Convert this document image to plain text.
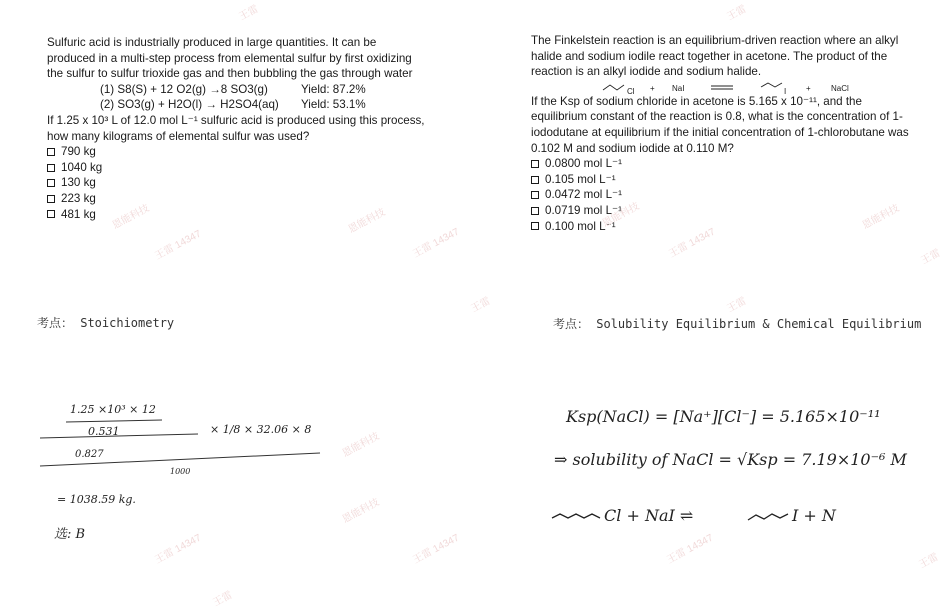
Sulfuric acid is industrially produced in large quantities. It can be produced in a multi-step process from elemental sulfur by first oxidizing the sulfur to sulfur trioxide gas and then bubbling the gas through water

(1) S8(S) + 12 O2(g) →8 SO3(g)	Yield: 87.2%
(2) SO3(g) + H2O(l) → H2SO4(aq)	Yield: 53.1%

If 1.25 x 10³ L of 12.0 mol L⁻¹ sulfuric acid is produced using this process, how many kilograms of elemental sulfur was used?

790 kg
1040 kg
130 kg
223 kg
481 kg

The Finkelstein reaction is an equilibrium-driven reaction where an alkyl halide and sodium iodile react together in acetone. The product of the reaction is an alkyl iodide and sodium halide.

Cl + NaI	I +	NaCl

If the Ksp of sodium chloride in acetone is 5.165 x 10⁻¹¹, and the equilibrium constant of the reaction is 0.8, what is the concentration of 1-iododutane at equilibrium if the initial concentration of 1-chlorobutane was 0.102 M and sodium iodide at 0.110 M?

0.0800 mol L⁻¹
0.105 mol L⁻¹
0.0472 mol L⁻¹
0.0719 mol L⁻¹
0.100 mol L⁻¹
考点： Stoichiometry	考点： Solubility Equilibrium & Chemical Equilibrium
1.25 ×10³ × 12
0.531	× 1/8 × 32.06 × 8
0.827
1000
= 1038.59 kg.
选: B
Ksp(NaCl) = [Na⁺][Cl⁻] = 5.165×10⁻¹¹
⇒ solubility of NaCl = √Ksp = 7.19×10⁻⁶ M
Cl + NaI ⇌	I + N
王雷	王雷
王雷 14347
恩能科技	恩能科技
王雷 14347
恩能科技
王雷 14347
恩能科技
王雷
王雷	王雷
恩能科技
恩能科技
王雷 14347	王雷 14347	王雷 14347
王雷
王雷
